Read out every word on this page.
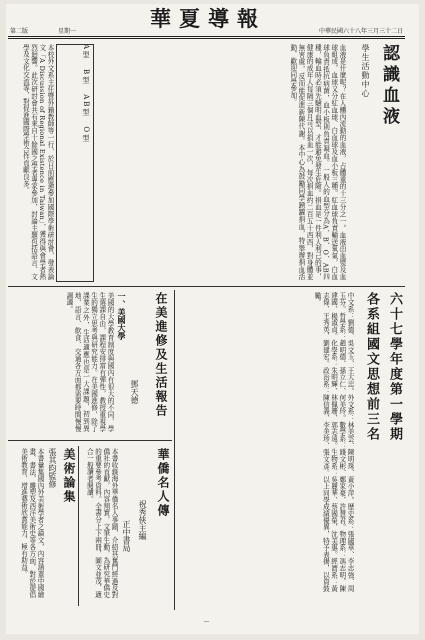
第二版	星期一
華夏導報
中華民國六十八年三月三十二日
認識血液
學生活動中心
血液是什麼呢？在人體內流動的血液，占體重的十三分之一。血液由血漿及血球組成，血球又分紅血球、白血球及血小板三種。紅血球負責輸送氧氣，白血球負責抵抗病菌，血小板則負責凝血。一般人的血型分為A、B、O、AB四種，輸血時必須先驗明血型，才能避免發生危險。捐血是一件利人利己的事，健康的成年人每隔三個月可以捐血一次，每次捐血約二百五十西西，對身體並無害處，反而能促進新陳代謝。本中心為鼓勵同學踴躍捐血，特舉辦捐血活動，歡迎同學參加。
A型　B型　AB型　O型
六十七學年度第一學期
各系組國文思想前三名
中文系：劉德、吳文玉、王大忠。外文系：林美雲、陳明珠、黃小萍。歷史系：張國華、李志強、周玉芬。哲學系：趙明德、孫立仁、何美玲。數學系：錢文彬、鄭家豪、許慧君。物理系：馮志明、陳建國、楊淑貞。化學系：朱明輝、林佩珊、郭志遠。生物系：吳麗華、蔡國榮、沈美惠。經濟系：黃志偉、王秀英、劉建宏。政治系：陳信義、李美珍、張文彥。以上同學成績優異，特予表揚，以資鼓勵。
本校外文系主任暨外籍教師等一行，於日前應邀參加國際學術研討會，發表論文「A Discussion of Regional Existence in Taiwan」，獲得與會學者熱烈迴響。此次研討會共有來自十餘國之學者專家參加，討論主題包括語言、文學及文化交流等，對促進國際學術合作貢獻良多。
在美進修及生活報告
鄧天德
一、美國大學
美國的大學教育制度與國內有很大的不同，學生選課自由，課程安排富有彈性，教授重視學生的獨立思考與研究能力。在美國進修，除了課業之外，生活適應也是一大課題，初到異地，語言、飲食、交通各方面都需要時間慢慢調適。
華僑名人傳
祝秀俠主編
正中書局
本書收錄海外華僑名人事蹟，介紹其奮鬥經過及對僑社的貢獻，內容翔實，文筆生動，為研究華僑史的重要參考資料。全書分上下兩冊，圖文並茂，適合一般讀者閱讀。
美術論集
張其昀監修
本書彙集國內外美術學者之論文，內容涵蓋中國繪畫、書法、雕塑及西洋美術史等各方面，對於提倡美術教育，增進藝術欣賞能力，極有助益。
—
